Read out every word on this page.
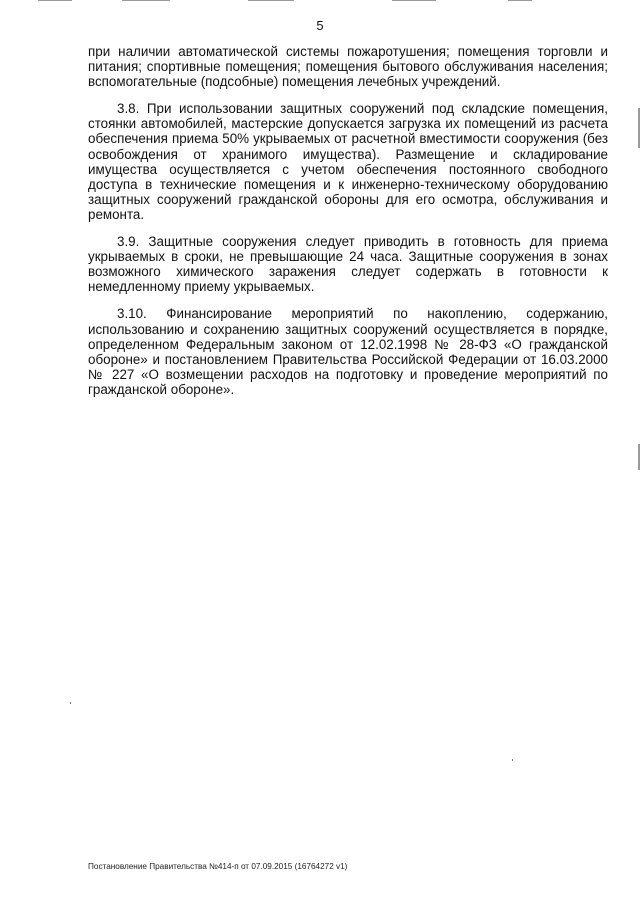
5

при наличии автоматической системы пожаротушения; помещения торговли и питания; спортивные помещения; помещения бытового обслуживания населения; вспомогательные (подсобные) помещения лечебных учреждений.

3.8. При использовании защитных сооружений под складские помещения, стоянки автомобилей, мастерские допускается загрузка их помещений из расчета обеспечения приема 50% укрываемых от расчетной вместимости сооружения (без освобождения от хранимого имущества). Размещение и складирование имущества осуществляется с учетом обеспечения постоянного свободного доступа в технические помещения и к инженерно-техническому оборудованию защитных сооружений гражданской обороны для его осмотра, обслуживания и ремонта.

3.9. Защитные сооружения следует приводить в готовность для приема укрываемых в сроки, не превышающие 24 часа. Защитные сооружения в зонах возможного химического заражения следует содержать в готовности к немедленному приему укрываемых.

3.10. Финансирование мероприятий по накоплению, содержанию, использованию и сохранению защитных сооружений осуществляется в порядке, определенном Федеральным законом от 12.02.1998 № 28-ФЗ «О гражданской обороне» и постановлением Правительства Российской Федерации от 16.03.2000 № 227 «О возмещении расходов на подготовку и проведение мероприятий по гражданской обороне».

Постановление Правительства №414-п от 07.09.2015 (16764272 v1)
